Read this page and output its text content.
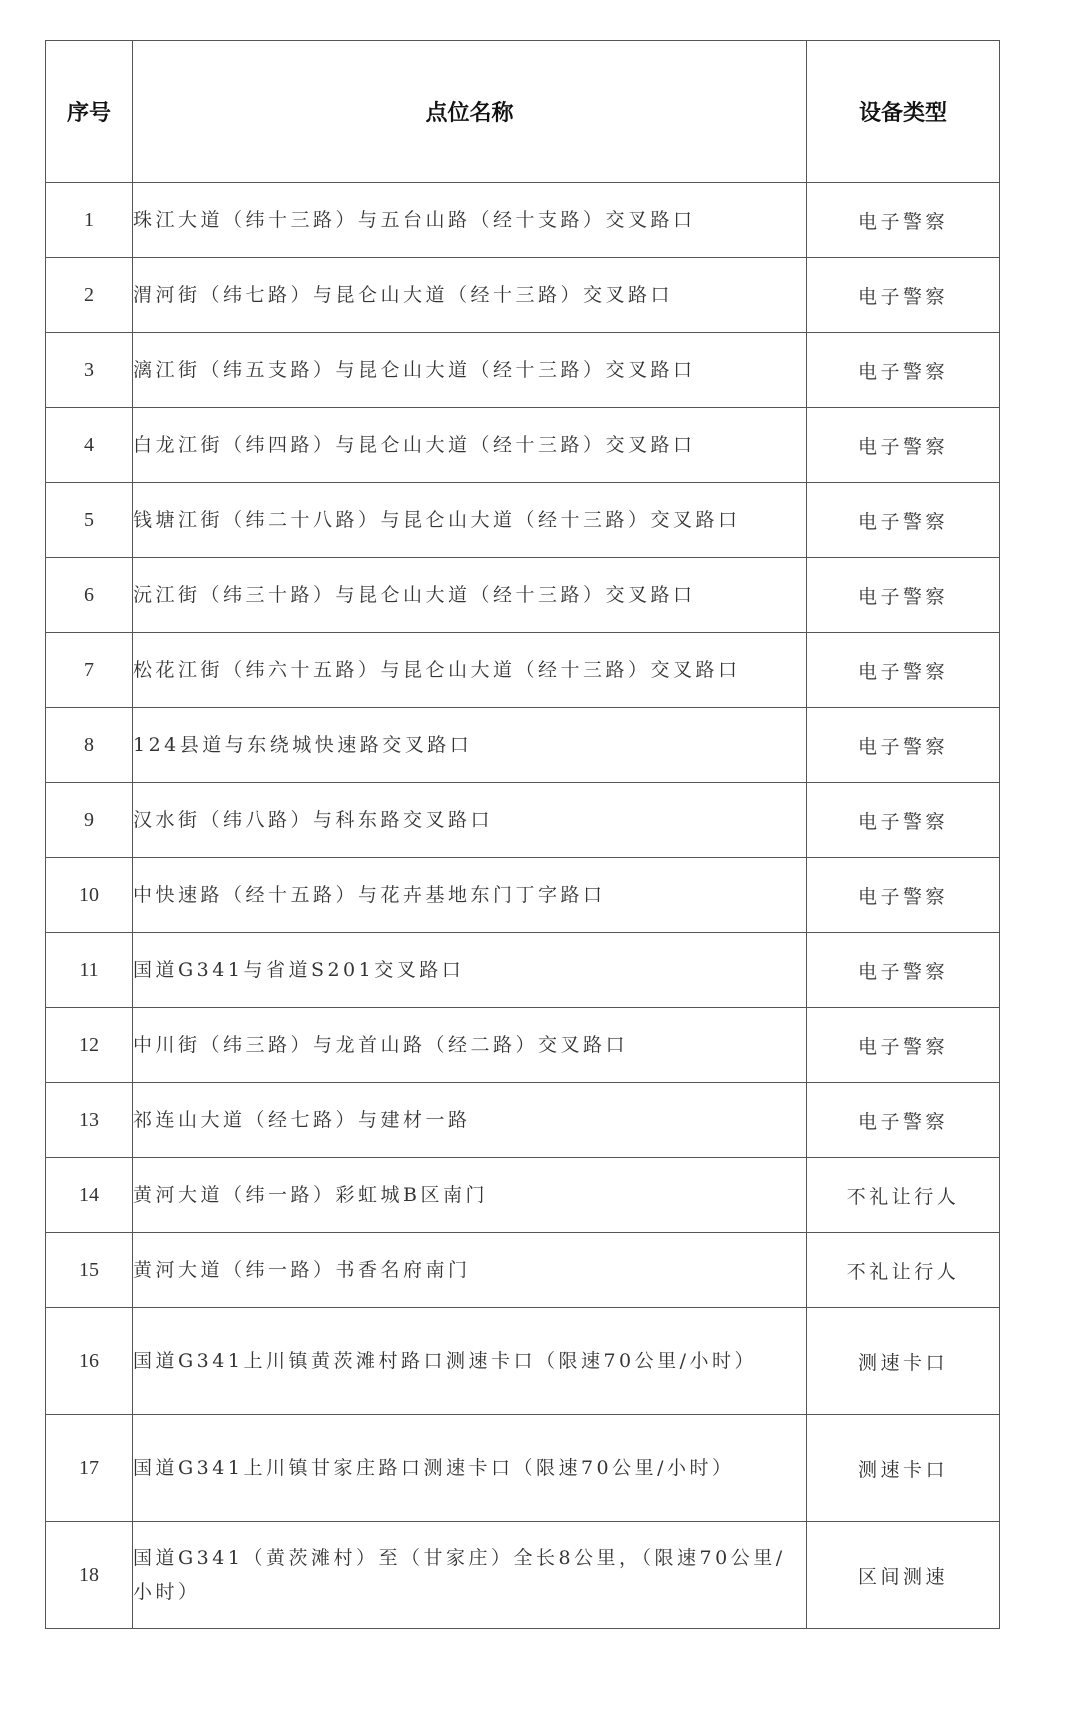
序号	点位名称	设备类型
1	珠江大道（纬十三路）与五台山路（经十支路）交叉路口	电子警察
2	渭河街（纬七路）与昆仑山大道（经十三路）交叉路口	电子警察
3	漓江街（纬五支路）与昆仑山大道（经十三路）交叉路口	电子警察
4	白龙江街（纬四路）与昆仑山大道（经十三路）交叉路口	电子警察
5	钱塘江街（纬二十八路）与昆仑山大道（经十三路）交叉路口	电子警察
6	沅江街（纬三十路）与昆仑山大道（经十三路）交叉路口	电子警察
7	松花江街（纬六十五路）与昆仑山大道（经十三路）交叉路口	电子警察
8	124县道与东绕城快速路交叉路口	电子警察
9	汉水街（纬八路）与科东路交叉路口	电子警察
10	中快速路（经十五路）与花卉基地东门丁字路口	电子警察
11	国道G341与省道S201交叉路口	电子警察
12	中川街（纬三路）与龙首山路（经二路）交叉路口	电子警察
13	祁连山大道（经七路）与建材一路	电子警察
14	黄河大道（纬一路）彩虹城B区南门	不礼让行人
15	黄河大道（纬一路）书香名府南门	不礼让行人
16	国道G341上川镇黄茨滩村路口测速卡口（限速70公里/小时）	测速卡口
17	国道G341上川镇甘家庄路口测速卡口（限速70公里/小时）	测速卡口
18	国道G341（黄茨滩村）至（甘家庄）全长8公里，（限速70公里/小时）	区间测速
